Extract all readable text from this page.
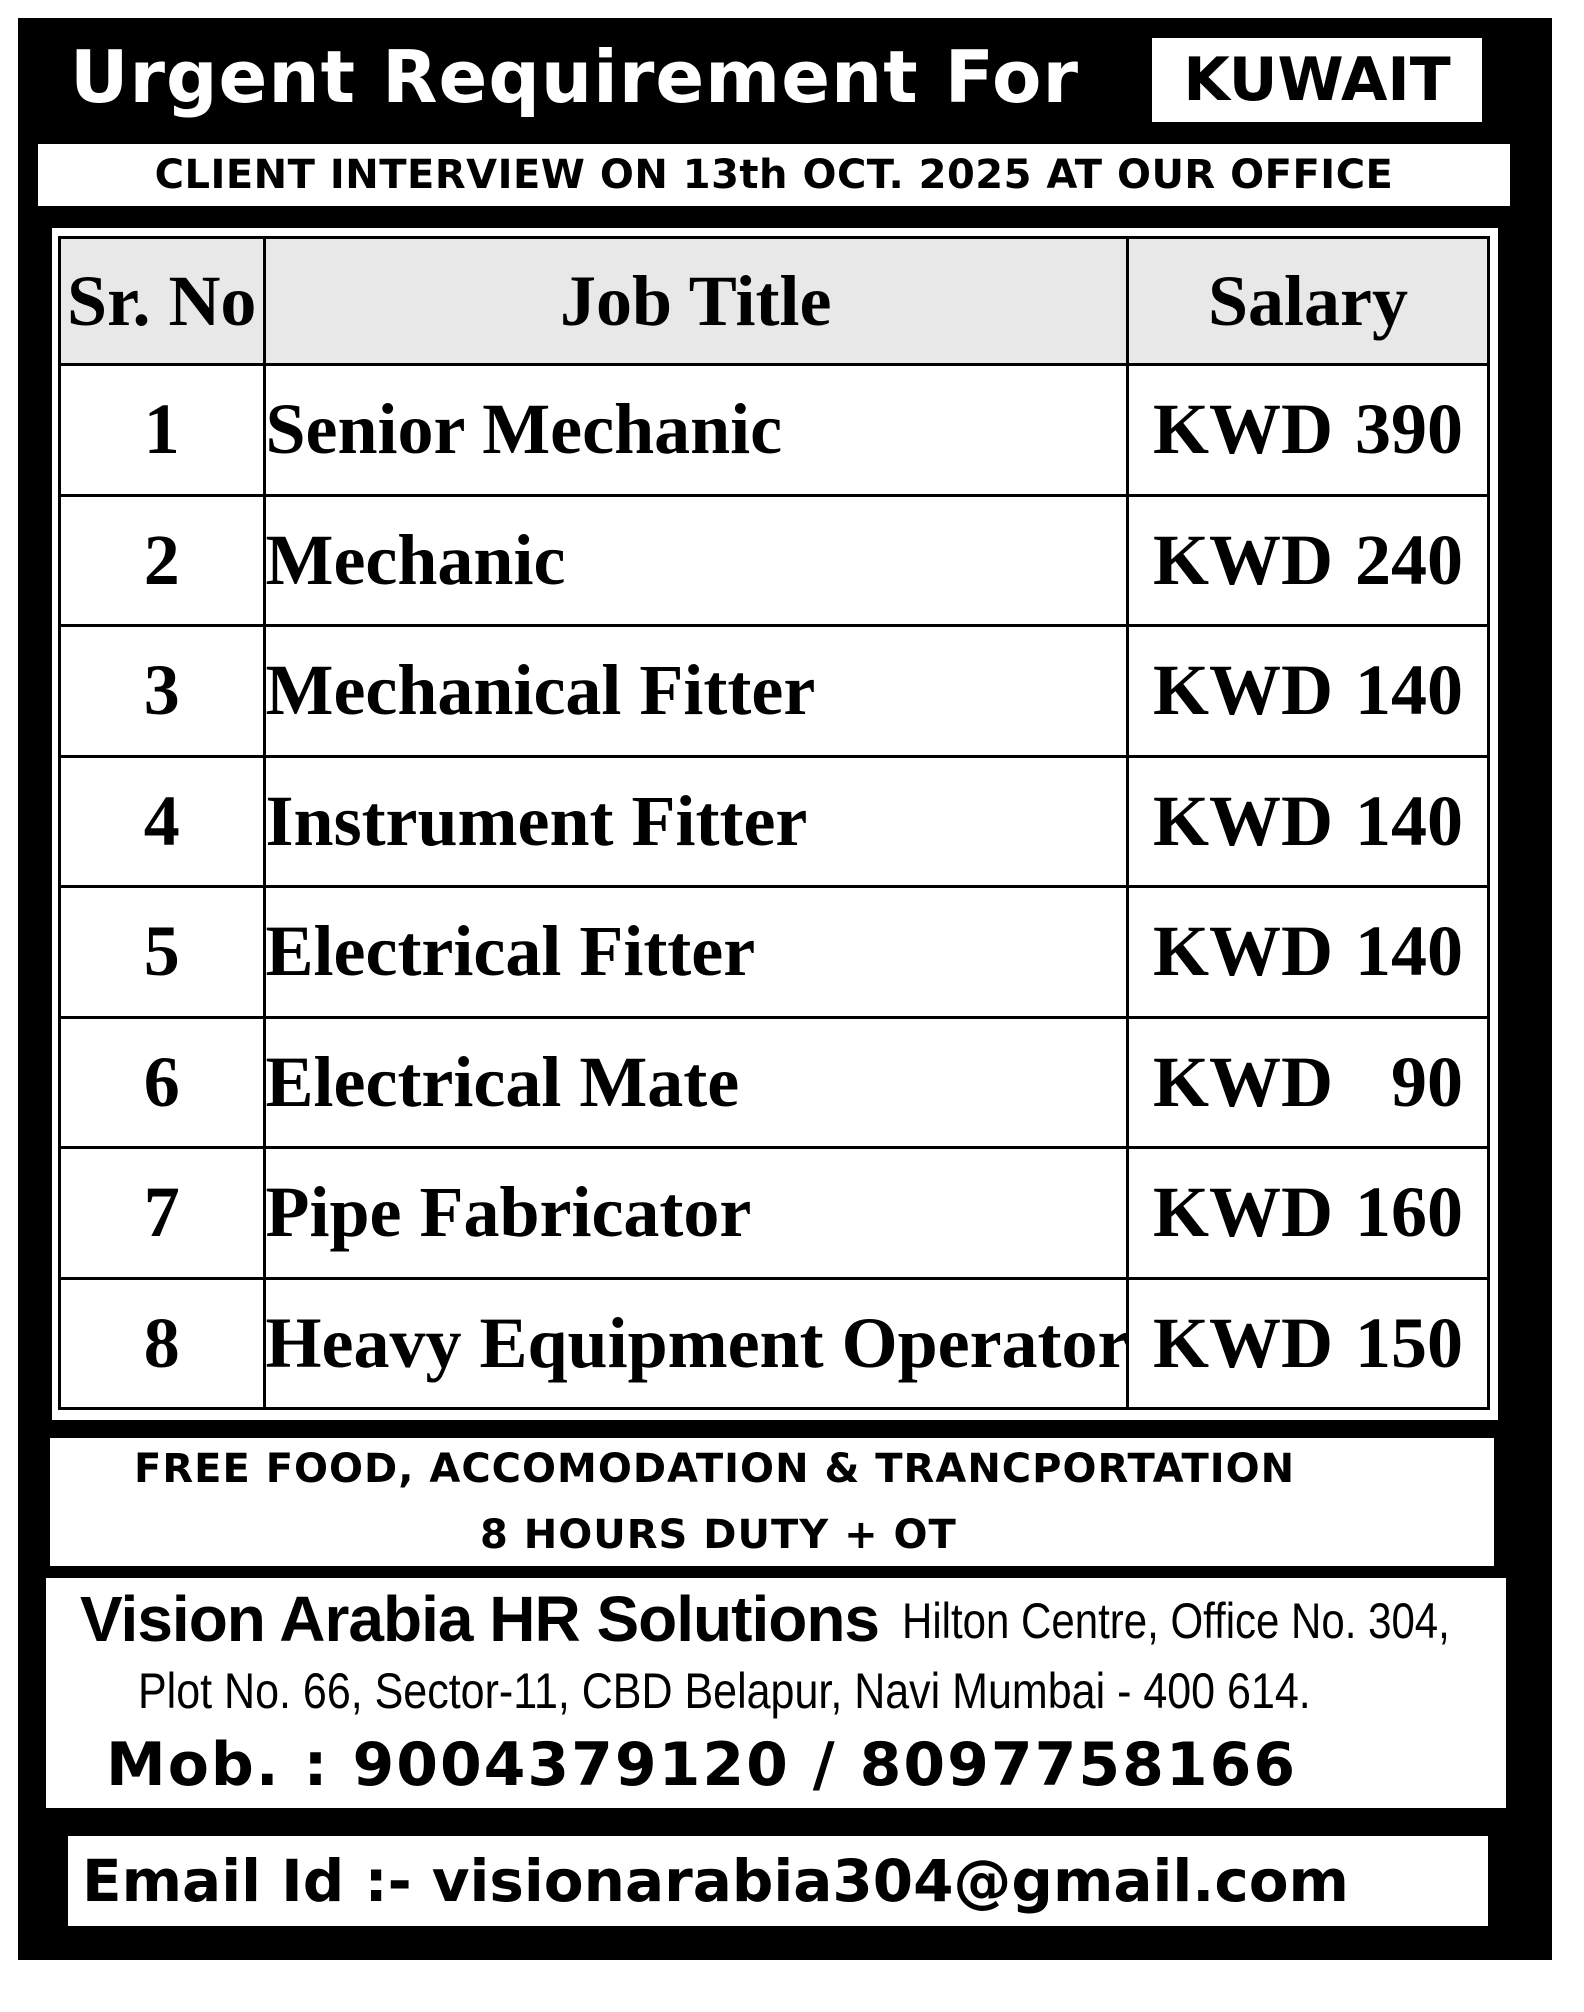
Urgent Requirement For	KUWAIT
CLIENT INTERVIEW ON 13th OCT. 2025 AT OUR OFFICE
Sr. No	Job Title	Salary
1	Senior Mechanic	KWD 390

2	Mechanic	KWD 240

3	Mechanical Fitter	KWD 140

4	Instrument Fitter	KWD 140

5	Electrical Fitter	KWD 140

6	Electrical Mate	KWD 90

7	Pipe Fabricator	KWD 160

8	Heavy Equipment Operator	KWD 150
FREE FOOD, ACCOMODATION & TRANCPORTATION
8 HOURS DUTY + OT
Vision Arabia HR Solutions Hilton Centre, Office No. 304,
Plot No. 66, Sector-11, CBD Belapur, Navi Mumbai - 400 614.
Mob. : 9004379120 / 8097758166
Email Id :- visionarabia304@gmail.com
